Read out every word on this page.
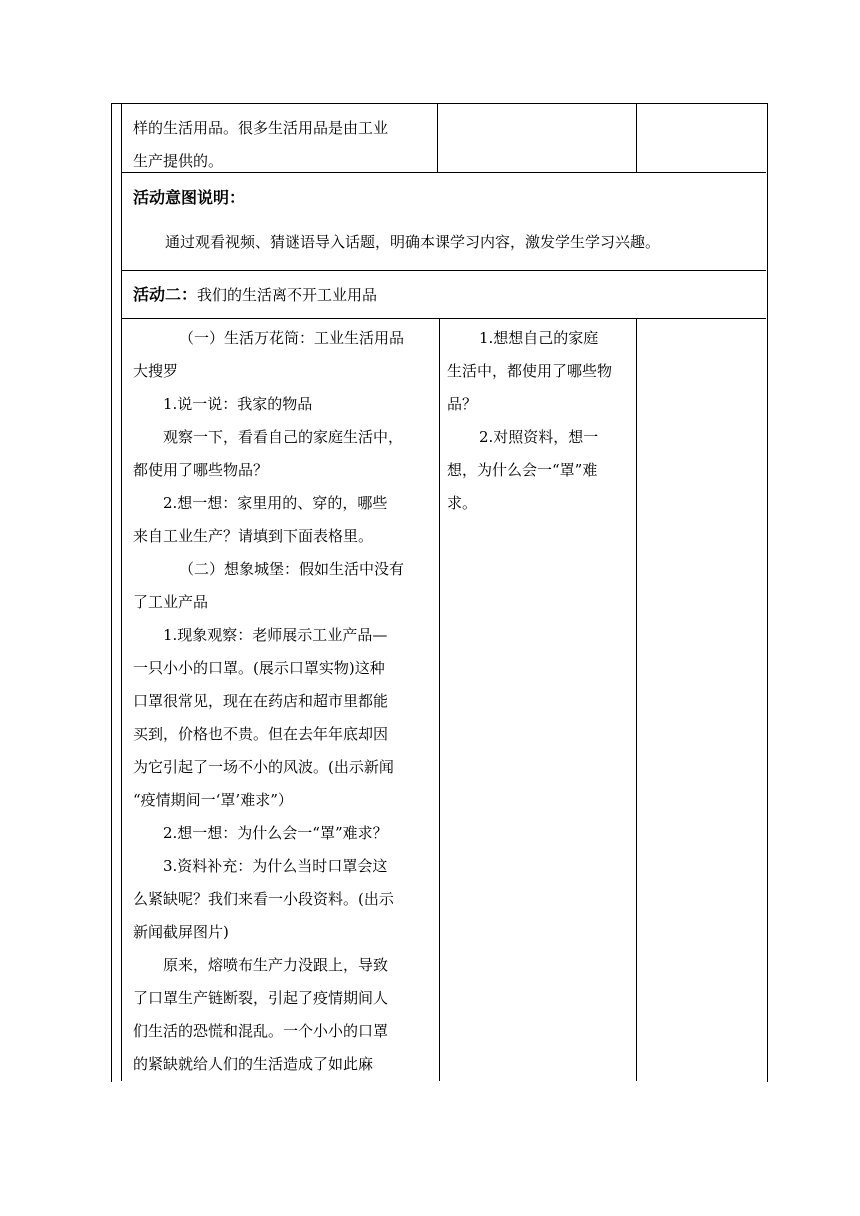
样的生活用品。很多生活用品是由工业

生产提供的。

活动意图说明：

通过观看视频、猜谜语导入话题，明确本课学习内容，激发学生学习兴趣。

活动二：我们的生活离不开工业用品

（一）生活万花筒：工业生活用品

大搜罗

1.说一说：我家的物品

观察一下，看看自己的家庭生活中，

都使用了哪些物品？

2.想一想：家里用的、穿的，哪些

来自工业生产？请填到下面表格里。

（二）想象城堡：假如生活中没有

了工业产品

1.现象观察：老师展示工业产品—

一只小小的口罩。(展示口罩实物)这种

口罩很常见，现在在药店和超市里都能

买到，价格也不贵。但在去年年底却因

为它引起了一场不小的风波。(出示新闻

“疫情期间一‘罩’难求”）

2.想一想：为什么会一“罩”难求？

3.资料补充：为什么当时口罩会这

么紧缺呢？我们来看一小段资料。(出示

新闻截屏图片)

原来，熔喷布生产力没跟上，导致

了口罩生产链断裂，引起了疫情期间人

们生活的恐慌和混乱。一个小小的口罩

的紧缺就给人们的生活造成了如此麻

1.想想自己的家庭

生活中，都使用了哪些物

品？

2.对照资料，想一

想，为什么会一“罩”难

求。
